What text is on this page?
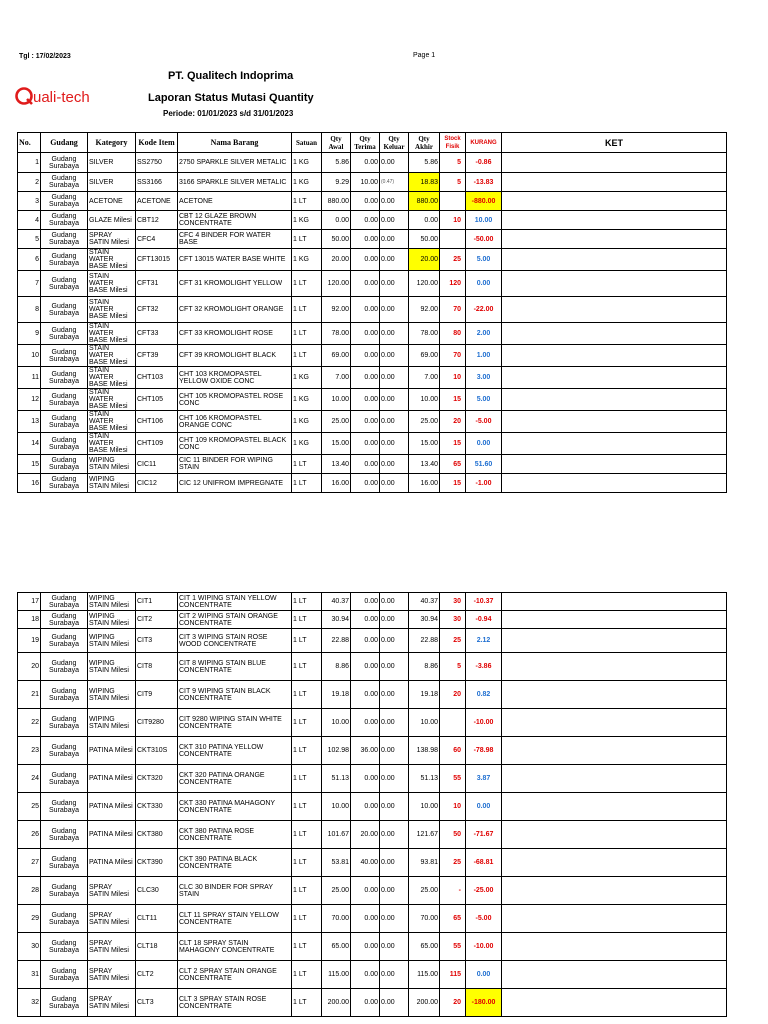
Tgl : 17/02/2023	Page 1
PT. Qualitech Indoprima
Laporan Status Mutasi Quantity
Periode: 01/01/2023 s/d 31/01/2023
uali-tech
No.	Gudang	Kategory	Kode Item	Nama Barang	Satuan	Qty Awal	Qty Terima	Qty Keluar	Qty Akhir	Stock Fisik	KURANG	KET
1	Gudang Surabaya	SILVER	SS2750	2750 SPARKLE SILVER METALIC	1 KG	5.86	0.00	0.00	5.86	5	-0.86	
2	Gudang Surabaya	SILVER	SS3166	3166 SPARKLE SILVER METALIC	1 KG	9.29	10.00	(0.47)	18.83	5	-13.83	
3	Gudang Surabaya	ACETONE	ACETONE	ACETONE	1 LT	880.00	0.00	0.00	880.00		-880.00	
4	Gudang Surabaya	GLAZE Milesi	CBT12	CBT 12 GLAZE BROWN CONCENTRATE	1 KG	0.00	0.00	0.00	0.00	10	10.00	
5	Gudang Surabaya	SPRAY SATIN Milesi	CFC4	CFC 4 BINDER FOR WATER BASE	1 LT	50.00	0.00	0.00	50.00		-50.00	
6	Gudang Surabaya	STAIN WATER BASE Milesi	CFT13015	CFT 13015 WATER BASE WHITE	1 KG	20.00	0.00	0.00	20.00	25	5.00	
7	Gudang Surabaya	STAIN WATER BASE Milesi	CFT31	CFT 31 KROMOLIGHT YELLOW	1 LT	120.00	0.00	0.00	120.00	120	0.00	
8	Gudang Surabaya	STAIN WATER BASE Milesi	CFT32	CFT 32 KROMOLIGHT ORANGE	1 LT	92.00	0.00	0.00	92.00	70	-22.00	
9	Gudang Surabaya	STAIN WATER BASE Milesi	CFT33	CFT 33 KROMOLIGHT ROSE	1 LT	78.00	0.00	0.00	78.00	80	2.00	
10	Gudang Surabaya	STAIN WATER BASE Milesi	CFT39	CFT 39 KROMOLIGHT BLACK	1 LT	69.00	0.00	0.00	69.00	70	1.00	
11	Gudang Surabaya	STAIN WATER BASE Milesi	CHT103	CHT 103 KROMOPASTEL YELLOW OXIDE CONC	1 KG	7.00	0.00	0.00	7.00	10	3.00	
12	Gudang Surabaya	STAIN WATER BASE Milesi	CHT105	CHT 105 KROMOPASTEL ROSE CONC	1 KG	10.00	0.00	0.00	10.00	15	5.00	
13	Gudang Surabaya	STAIN WATER BASE Milesi	CHT106	CHT 106 KROMOPASTEL ORANGE CONC	1 KG	25.00	0.00	0.00	25.00	20	-5.00	
14	Gudang Surabaya	STAIN WATER BASE Milesi	CHT109	CHT 109 KROMOPASTEL BLACK CONC	1 KG	15.00	0.00	0.00	15.00	15	0.00	
15	Gudang Surabaya	WIPING STAIN Milesi	CIC11	CIC 11 BINDER FOR WIPING STAIN	1 LT	13.40	0.00	0.00	13.40	65	51.60	
16	Gudang Surabaya	WIPING STAIN Milesi	CIC12	CIC 12 UNIFROM IMPREGNATE	1 LT	16.00	0.00	0.00	16.00	15	-1.00	
17	Gudang Surabaya	WIPING STAIN Milesi	CIT1	CIT 1 WIPING STAIN YELLOW CONCENTRATE	1 LT	40.37	0.00	0.00	40.37	30	-10.37	
18	Gudang Surabaya	WIPING STAIN Milesi	CIT2	CIT 2 WIPING STAIN ORANGE CONCENTRATE	1 LT	30.94	0.00	0.00	30.94	30	-0.94	
19	Gudang Surabaya	WIPING STAIN Milesi	CIT3	CIT 3 WIPING STAIN ROSE WOOD CONCENTRATE	1 LT	22.88	0.00	0.00	22.88	25	2.12	
20	Gudang Surabaya	WIPING STAIN Milesi	CIT8	CIT 8 WIPING STAIN BLUE CONCENTRATE	1 LT	8.86	0.00	0.00	8.86	5	-3.86	
21	Gudang Surabaya	WIPING STAIN Milesi	CIT9	CIT 9 WIPING STAIN BLACK CONCENTRATE	1 LT	19.18	0.00	0.00	19.18	20	0.82	
22	Gudang Surabaya	WIPING STAIN Milesi	CIT9280	CIT 9280 WIPING STAIN WHITE CONCENTRATE	1 LT	10.00	0.00	0.00	10.00		-10.00	
23	Gudang Surabaya	PATINA Milesi	CKT310S	CKT 310 PATINA YELLOW CONCENTRATE	1 LT	102.98	36.00	0.00	138.98	60	-78.98	
24	Gudang Surabaya	PATINA Milesi	CKT320	CKT 320 PATINA ORANGE CONCENTRATE	1 LT	51.13	0.00	0.00	51.13	55	3.87	
25	Gudang Surabaya	PATINA Milesi	CKT330	CKT 330 PATINA MAHAGONY CONCENTRATE	1 LT	10.00	0.00	0.00	10.00	10	0.00	
26	Gudang Surabaya	PATINA Milesi	CKT380	CKT 380 PATINA ROSE CONCENTRATE	1 LT	101.67	20.00	0.00	121.67	50	-71.67	
27	Gudang Surabaya	PATINA Milesi	CKT390	CKT 390 PATINA BLACK CONCENTRATE	1 LT	53.81	40.00	0.00	93.81	25	-68.81	
28	Gudang Surabaya	SPRAY SATIN Milesi	CLC30	CLC 30 BINDER FOR SPRAY STAIN	1 LT	25.00	0.00	0.00	25.00	-	-25.00	
29	Gudang Surabaya	SPRAY SATIN Milesi	CLT11	CLT 11 SPRAY STAIN YELLOW CONCENTRATE	1 LT	70.00	0.00	0.00	70.00	65	-5.00	
30	Gudang Surabaya	SPRAY SATIN Milesi	CLT18	CLT 18 SPRAY STAIN MAHAGONY CONCENTRATE	1 LT	65.00	0.00	0.00	65.00	55	-10.00	
31	Gudang Surabaya	SPRAY SATIN Milesi	CLT2	CLT 2 SPRAY STAIN ORANGE CONCENTRATE	1 LT	115.00	0.00	0.00	115.00	115	0.00	
32	Gudang Surabaya	SPRAY SATIN Milesi	CLT3	CLT 3 SPRAY STAIN ROSE CONCENTRATE	1 LT	200.00	0.00	0.00	200.00	20	-180.00	
